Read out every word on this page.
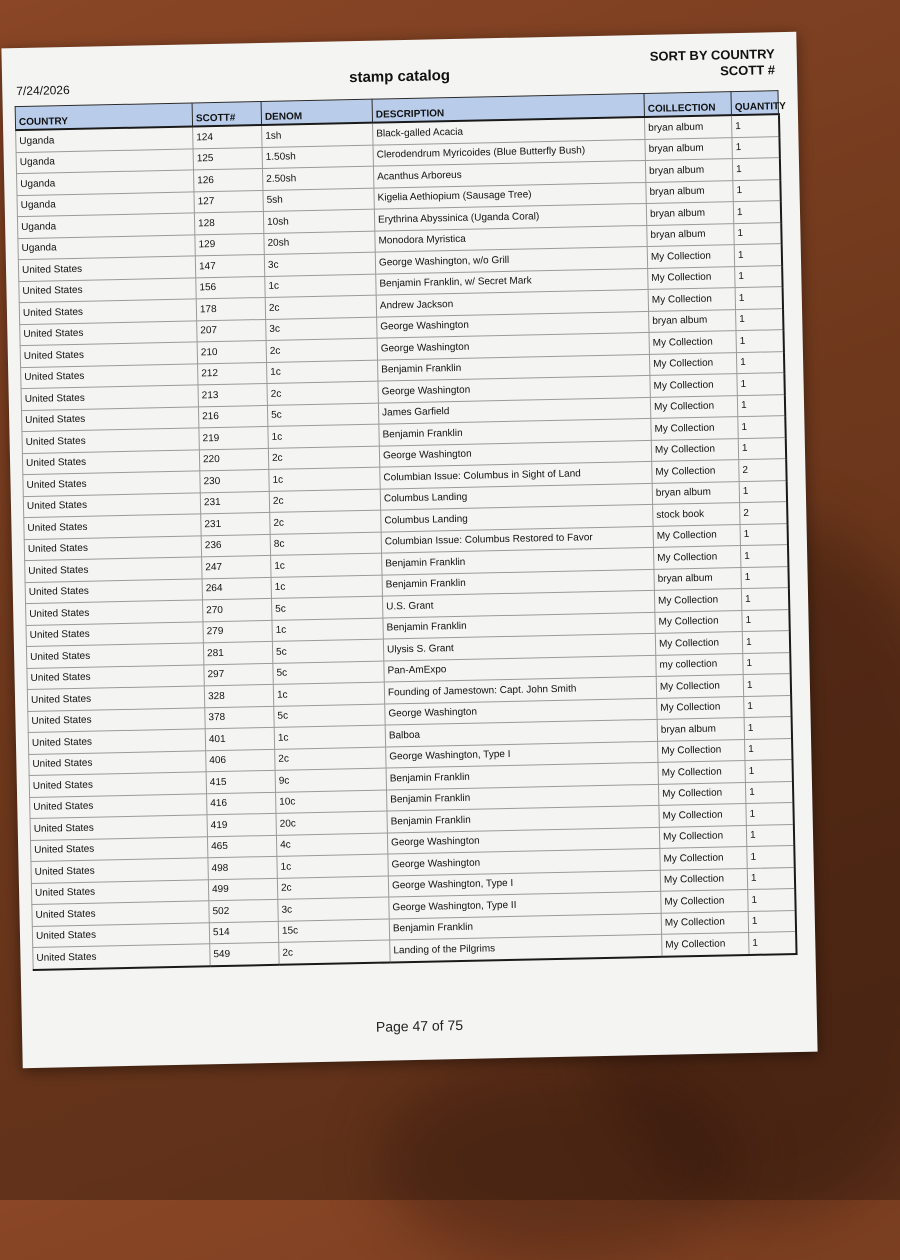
7/24/2026
stamp catalog
SORT BY COUNTRY
SCOTT #
COUNTRY	SCOTT#	DENOM	DESCRIPTION	COILLECTION	QUANTITY
Uganda	124	1sh	Black-galled Acacia	bryan album	1
Uganda	125	1.50sh	Clerodendrum Myricoides (Blue Butterfly Bush)	bryan album	1
Uganda	126	2.50sh	Acanthus Arboreus	bryan album	1
Uganda	127	5sh	Kigelia Aethiopium (Sausage Tree)	bryan album	1
Uganda	128	10sh	Erythrina Abyssinica (Uganda Coral)	bryan album	1
Uganda	129	20sh	Monodora Myristica	bryan album	1
United States	147	3c	George Washington, w/o Grill	My Collection	1
United States	156	1c	Benjamin Franklin, w/ Secret Mark	My Collection	1
United States	178	2c	Andrew Jackson	My Collection	1
United States	207	3c	George Washington	bryan album	1
United States	210	2c	George Washington	My Collection	1
United States	212	1c	Benjamin Franklin	My Collection	1
United States	213	2c	George Washington	My Collection	1
United States	216	5c	James Garfield	My Collection	1
United States	219	1c	Benjamin Franklin	My Collection	1
United States	220	2c	George Washington	My Collection	1
United States	230	1c	Columbian Issue: Columbus in Sight of Land	My Collection	2
United States	231	2c	Columbus Landing	bryan album	1
United States	231	2c	Columbus Landing	stock book	2
United States	236	8c	Columbian Issue: Columbus Restored to Favor	My Collection	1
United States	247	1c	Benjamin Franklin	My Collection	1
United States	264	1c	Benjamin Franklin	bryan album	1
United States	270	5c	U.S. Grant	My Collection	1
United States	279	1c	Benjamin Franklin	My Collection	1
United States	281	5c	Ulysis S. Grant	My Collection	1
United States	297	5c	Pan-AmExpo	my collection	1
United States	328	1c	Founding of Jamestown: Capt. John Smith	My Collection	1
United States	378	5c	George Washington	My Collection	1
United States	401	1c	Balboa	bryan album	1
United States	406	2c	George Washington, Type I	My Collection	1
United States	415	9c	Benjamin Franklin	My Collection	1
United States	416	10c	Benjamin Franklin	My Collection	1
United States	419	20c	Benjamin Franklin	My Collection	1
United States	465	4c	George Washington	My Collection	1
United States	498	1c	George Washington	My Collection	1
United States	499	2c	George Washington, Type I	My Collection	1
United States	502	3c	George Washington, Type II	My Collection	1
United States	514	15c	Benjamin Franklin	My Collection	1
United States	549	2c	Landing of the Pilgrims	My Collection	1
Page 47 of 75
